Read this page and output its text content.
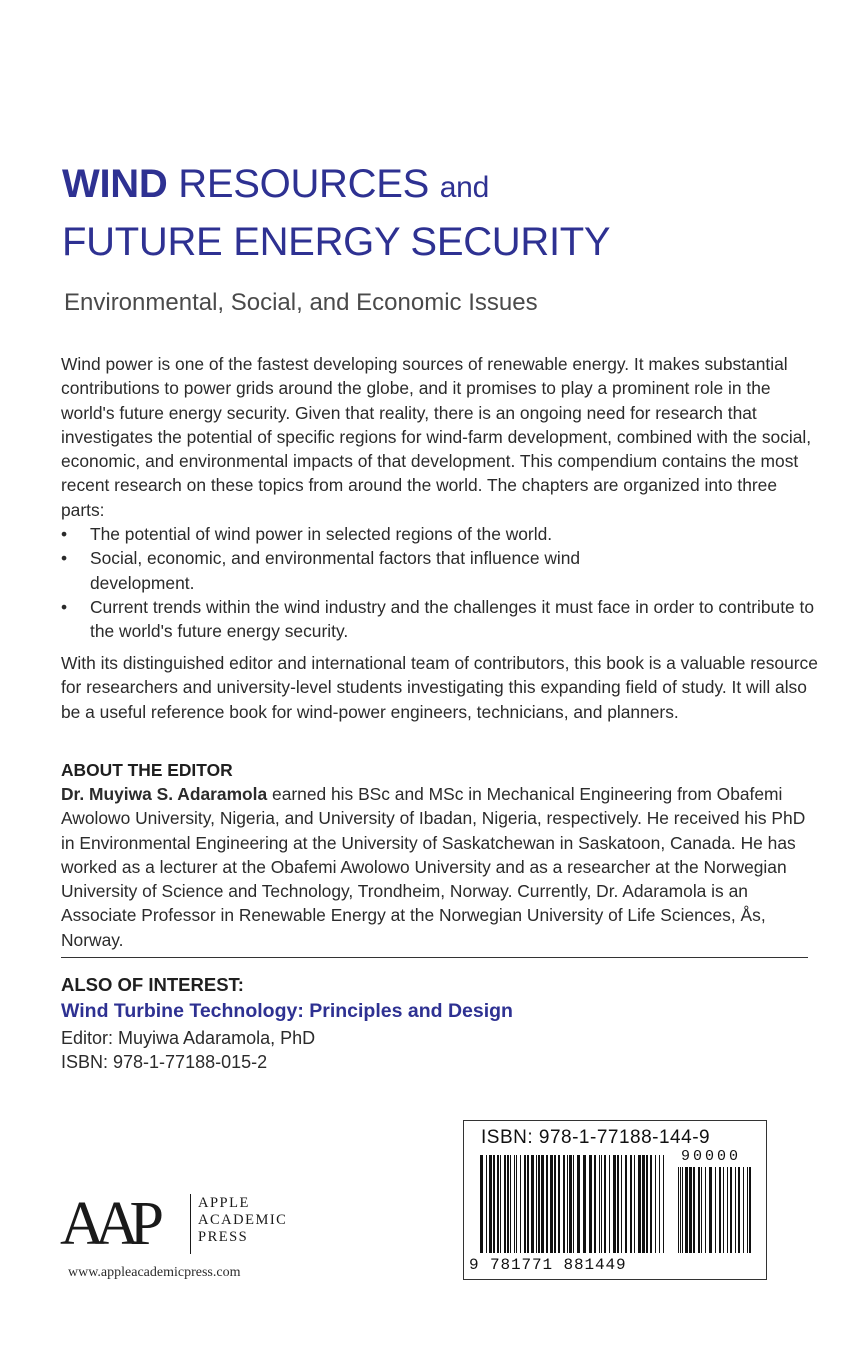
WIND RESOURCES and
FUTURE ENERGY SECURITY
Environmental, Social, and Economic Issues
Wind power is one of the fastest developing sources of renewable energy. It makes substantial contributions to power grids around the globe, and it promises to play a prominent role in the world's future energy security. Given that reality, there is an ongoing need for research that investigates the potential of specific regions for wind-farm development, combined with the social, economic, and environmental impacts of that development. This compendium contains the most recent research on these topics from around the world. The chapters are organized into three parts:
• The potential of wind power in selected regions of the world.
• Social, economic, and environmental factors that influence wind development.
• Current trends within the wind industry and the challenges it must face in order to contribute to the world's future energy security.
With its distinguished editor and international team of contributors, this book is a valuable resource for researchers and university-level students investigating this expanding field of study. It will also be a useful reference book for wind-power engineers, technicians, and planners.
ABOUT THE EDITOR
Dr. Muyiwa S. Adaramola earned his BSc and MSc in Mechanical Engineering from Obafemi Awolowo University, Nigeria, and University of Ibadan, Nigeria, respectively. He received his PhD in Environmental Engineering at the University of Saskatchewan in Saskatoon, Canada. He has worked as a lecturer at the Obafemi Awolowo University and as a researcher at the Norwegian University of Science and Technology, Trondheim, Norway. Currently, Dr. Adaramola is an Associate Professor in Renewable Energy at the Norwegian University of Life Sciences, Ås, Norway.
ALSO OF INTEREST:
Wind Turbine Technology: Principles and Design
Editor: Muyiwa Adaramola, PhD
ISBN: 978-1-77188-015-2
AAP	APPLE
ACADEMIC
PRESS
www.appleacademicpress.com
ISBN: 978-1-77188-144-9
90000
9 781771 881449
